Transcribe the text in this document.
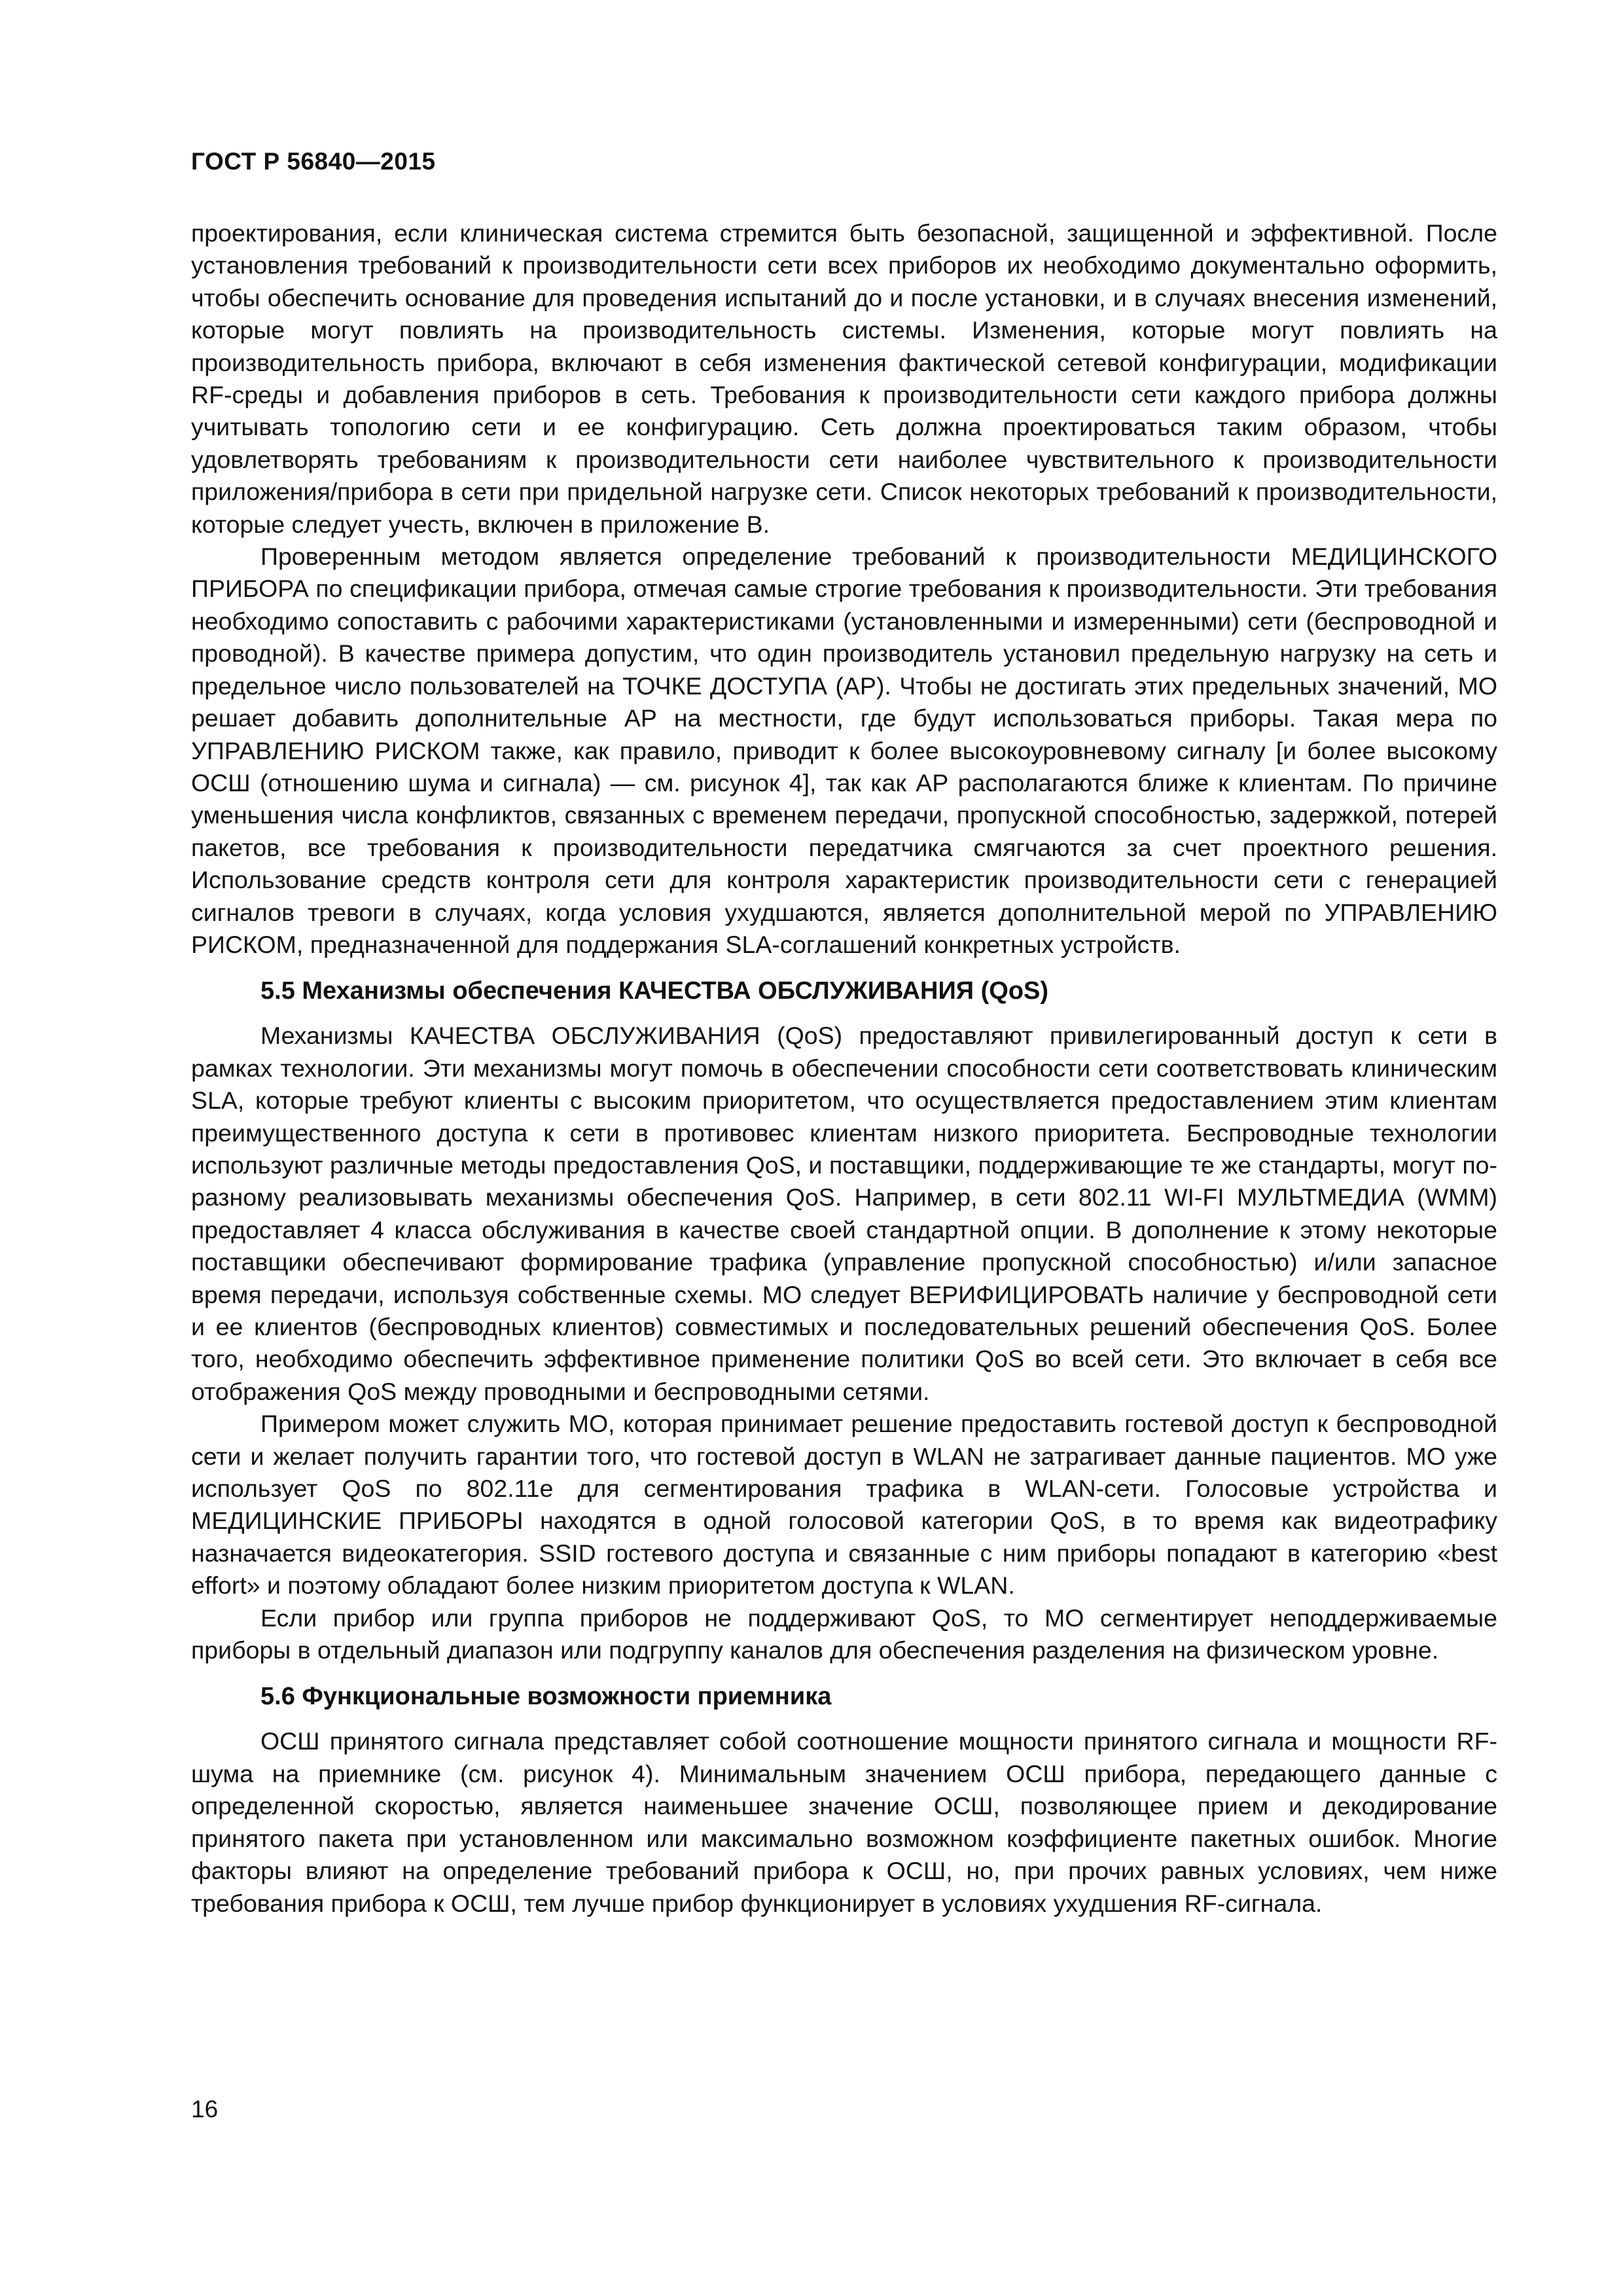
ГОСТ Р 56840—2015

проектирования, если клиническая система стремится быть безопасной, защищенной и эффективной. После установления требований к производительности сети всех приборов их необходимо документально оформить, чтобы обеспечить основание для проведения испытаний до и после установки, и в случаях внесения изменений, которые могут повлиять на производительность системы. Изменения, которые могут повлиять на производительность прибора, включают в себя изменения фактической сетевой конфигурации, модификации RF-среды и добавления приборов в сеть. Требования к производительности сети каждого прибора должны учитывать топологию сети и ее конфигурацию. Сеть должна проектироваться таким образом, чтобы удовлетворять требованиям к производительности сети наиболее чувствительного к производительности приложения/прибора в сети при придельной нагрузке сети. Список некоторых требований к производительности, которые следует учесть, включен в приложение В.

Проверенным методом является определение требований к производительности МЕДИЦИНСКОГО ПРИБОРА по спецификации прибора, отмечая самые строгие требования к производительности. Эти требования необходимо сопоставить с рабочими характеристиками (установленными и измеренными) сети (беспроводной и проводной). В качестве примера допустим, что один производитель установил предельную нагрузку на сеть и предельное число пользователей на ТОЧКЕ ДОСТУПА (АР). Чтобы не достигать этих предельных значений, МО решает добавить дополнительные АР на местности, где будут использоваться приборы. Такая мера по УПРАВЛЕНИЮ РИСКОМ также, как правило, приводит к более высокоуровневому сигналу [и более высокому ОСШ (отношению шума и сигнала) — см. рисунок 4], так как АР располагаются ближе к клиентам. По причине уменьшения числа конфликтов, связанных с временем передачи, пропускной способностью, задержкой, потерей пакетов, все требования к производительности передатчика смягчаются за счет проектного решения. Использование средств контроля сети для контроля характеристик производительности сети с генерацией сигналов тревоги в случаях, когда условия ухудшаются, является дополнительной мерой по УПРАВЛЕНИЮ РИСКОМ, предназначенной для поддержания SLA-соглашений конкретных устройств.

5.5 Механизмы обеспечения КАЧЕСТВА ОБСЛУЖИВАНИЯ (QoS)

Механизмы КАЧЕСТВА ОБСЛУЖИВАНИЯ (QoS) предоставляют привилегированный доступ к сети в рамках технологии. Эти механизмы могут помочь в обеспечении способности сети соответствовать клиническим SLA, которые требуют клиенты с высоким приоритетом, что осуществляется предоставлением этим клиентам преимущественного доступа к сети в противовес клиентам низкого приоритета. Беспроводные технологии используют различные методы предоставления QoS, и поставщики, поддерживающие те же стандарты, могут по-разному реализовывать механизмы обеспечения QoS. Например, в сети 802.11 WI-FI МУЛЬТМЕДИА (WMM) предоставляет 4 класса обслуживания в качестве своей стандартной опции. В дополнение к этому некоторые поставщики обеспечивают формирование трафика (управление пропускной способностью) и/или запасное время передачи, используя собственные схемы. МО следует ВЕРИФИЦИРОВАТЬ наличие у беспроводной сети и ее клиентов (беспроводных клиентов) совместимых и последовательных решений обеспечения QoS. Более того, необходимо обеспечить эффективное применение политики QoS во всей сети. Это включает в себя все отображения QoS между проводными и беспроводными сетями.

Примером может служить МО, которая принимает решение предоставить гостевой доступ к беспроводной сети и желает получить гарантии того, что гостевой доступ в WLAN не затрагивает данные пациентов. МО уже использует QoS по 802.11е для сегментирования трафика в WLAN-сети. Голосовые устройства и МЕДИЦИНСКИЕ ПРИБОРЫ находятся в одной голосовой категории QoS, в то время как видеотрафику назначается видеокатегория. SSID гостевого доступа и связанные с ним приборы попадают в категорию «best effort» и поэтому обладают более низким приоритетом доступа к WLAN.

Если прибор или группа приборов не поддерживают QoS, то МО сегментирует неподдерживаемые приборы в отдельный диапазон или подгруппу каналов для обеспечения разделения на физическом уровне.

5.6 Функциональные возможности приемника

ОСШ принятого сигнала представляет собой соотношение мощности принятого сигнала и мощности RF-шума на приемнике (см. рисунок 4). Минимальным значением ОСШ прибора, передающего данные с определенной скоростью, является наименьшее значение ОСШ, позволяющее прием и декодирование принятого пакета при установленном или максимально возможном коэффициенте пакетных ошибок. Многие факторы влияют на определение требований прибора к ОСШ, но, при прочих равных условиях, чем ниже требования прибора к ОСШ, тем лучше прибор функционирует в условиях ухудшения RF-сигнала.

16
